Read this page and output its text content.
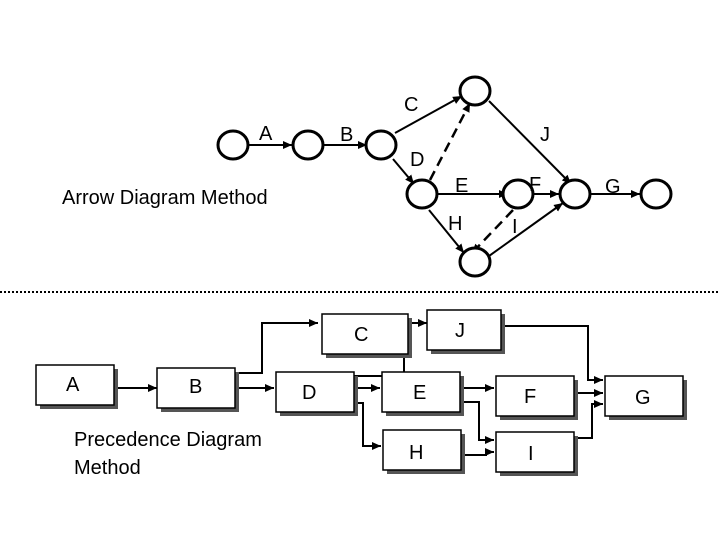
A	B
C
J
D
E	F	G
H I
Arrow Diagram Method
A	B
C	J
D	E	F	G
H	I
Precedence Diagram
Method
